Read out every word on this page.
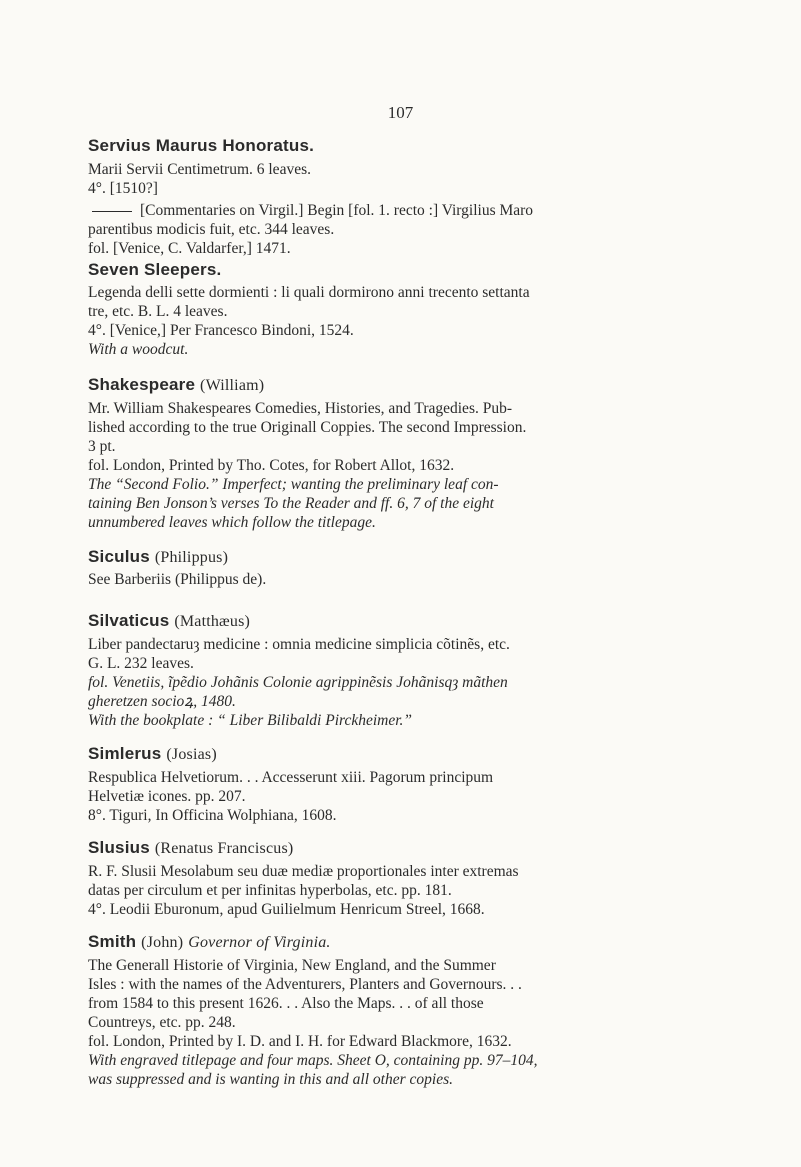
107
Servius Maurus Honoratus.
Marii Servii Centimetrum. 6 leaves.
4°. [1510?]
[Commentaries on Virgil.] Begin [fol. 1. recto :] Virgilius Maro
parentibus modicis fuit, etc. 344 leaves.
fol. [Venice, C. Valdarfer,] 1471.
Seven Sleepers.
Legenda delli sette dormienti : li quali dormirono anni trecento settanta
tre, etc. B. L. 4 leaves.
4°. [Venice,] Per Francesco Bindoni, 1524.
With a woodcut.
Shakespeare (William)
Mr. William Shakespeares Comedies, Histories, and Tragedies. Pub-
lished according to the true Originall Coppies. The second Impression.
3 pt.
fol. London, Printed by Tho. Cotes, for Robert Allot, 1632.
The “Second Folio.” Imperfect; wanting the preliminary leaf con-
taining Ben Jonson’s verses To the Reader and ff. 6, 7 of the eight
unnumbered leaves which follow the titlepage.
Siculus (Philippus)
See Barberiis (Philippus de).
Silvaticus (Matthæus)
Liber pandectaruȝ medicine : omnia medicine simplicia cõtinẽs, etc.
G. L. 232 leaves.
fol. Venetiis, ĩpẽdio Johãnis Colonie agrippinẽsis Johãnisqȝ mãthen
gheretzen socioꝝ, 1480.
With the bookplate : “ Liber Bilibaldi Pirckheimer.”
Simlerus (Josias)
Respublica Helvetiorum. . . Accesserunt xiii. Pagorum principum
Helvetiæ icones. pp. 207.
8°. Tiguri, In Officina Wolphiana, 1608.
Slusius (Renatus Franciscus)
R. F. Slusii Mesolabum seu duæ mediæ proportionales inter extremas
datas per circulum et per infinitas hyperbolas, etc. pp. 181.
4°. Leodii Eburonum, apud Guilielmum Henricum Streel, 1668.
Smith (John) Governor of Virginia.
The Generall Historie of Virginia, New England, and the Summer
Isles : with the names of the Adventurers, Planters and Governours. . .
from 1584 to this present 1626. . . Also the Maps. . . of all those
Countreys, etc. pp. 248.
fol. London, Printed by I. D. and I. H. for Edward Blackmore, 1632.
With engraved titlepage and four maps. Sheet O, containing pp. 97–104,
was suppressed and is wanting in this and all other copies.
